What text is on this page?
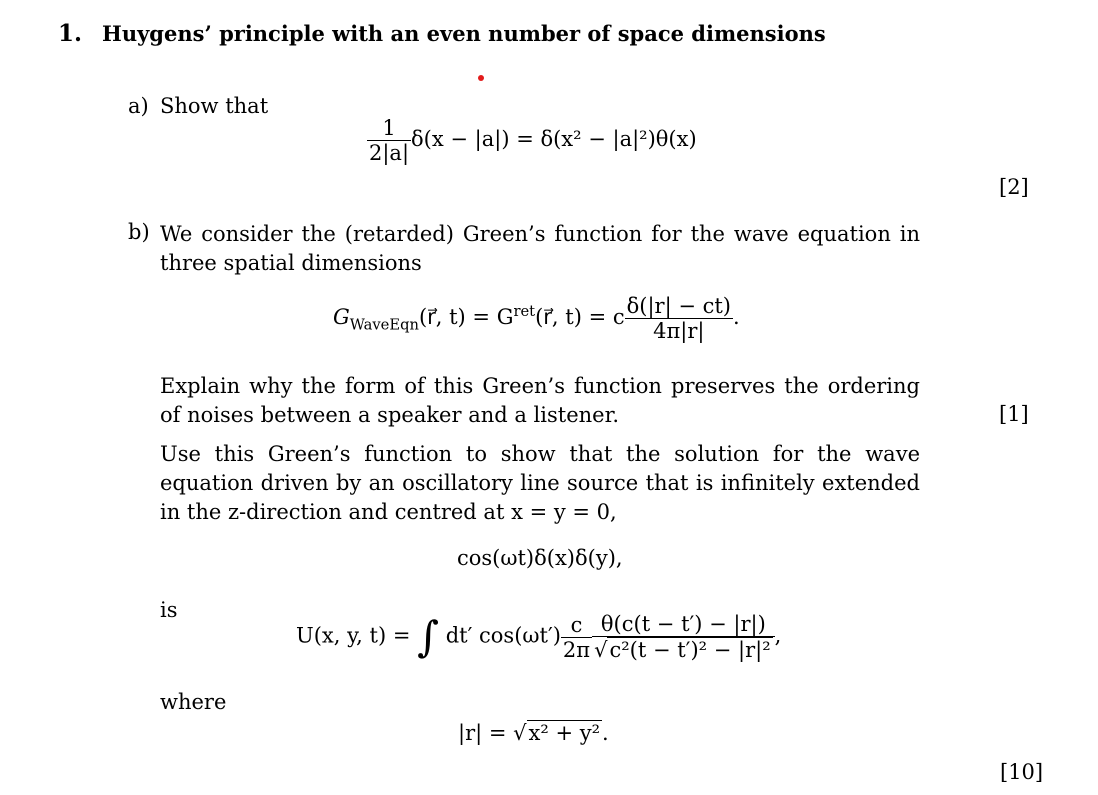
1. Huygens’ principle with an even number of space dimensions
a) Show that
$\frac{1}{2|a|} \delta(x - |a|) = \delta(x^2 - |a|^2)\theta(x)$
[2]
b) We consider the (retarded) Green’s function for the wave equation in three spatial dimensions
$G_{WaveEqn}(r⃗$, $t) = G^{ret}(r⃗$, t) = c $\frac{\delta(|r| - ct)}{4\pi|r|}$ .
Explain why the form of this Green’s function preserves the ordering of noises between a speaker and a listener.	[1]
Use this Green’s function to show that the solution for the wave equation driven by an oscillatory line source that is infinitely extended in the z-direction and centred at x = y = 0,
cos(ωt)δ(x)δ(y),
is
U(x, y, t) = ∫ dt′ $\cos(\omega t') \frac{c}{2\pi} \frac{\theta(c(t - t') - |r|)}{\text{√c²(t − t′)² − |r|²}}$ ,
where
|r| = √x² + y².
[10]
